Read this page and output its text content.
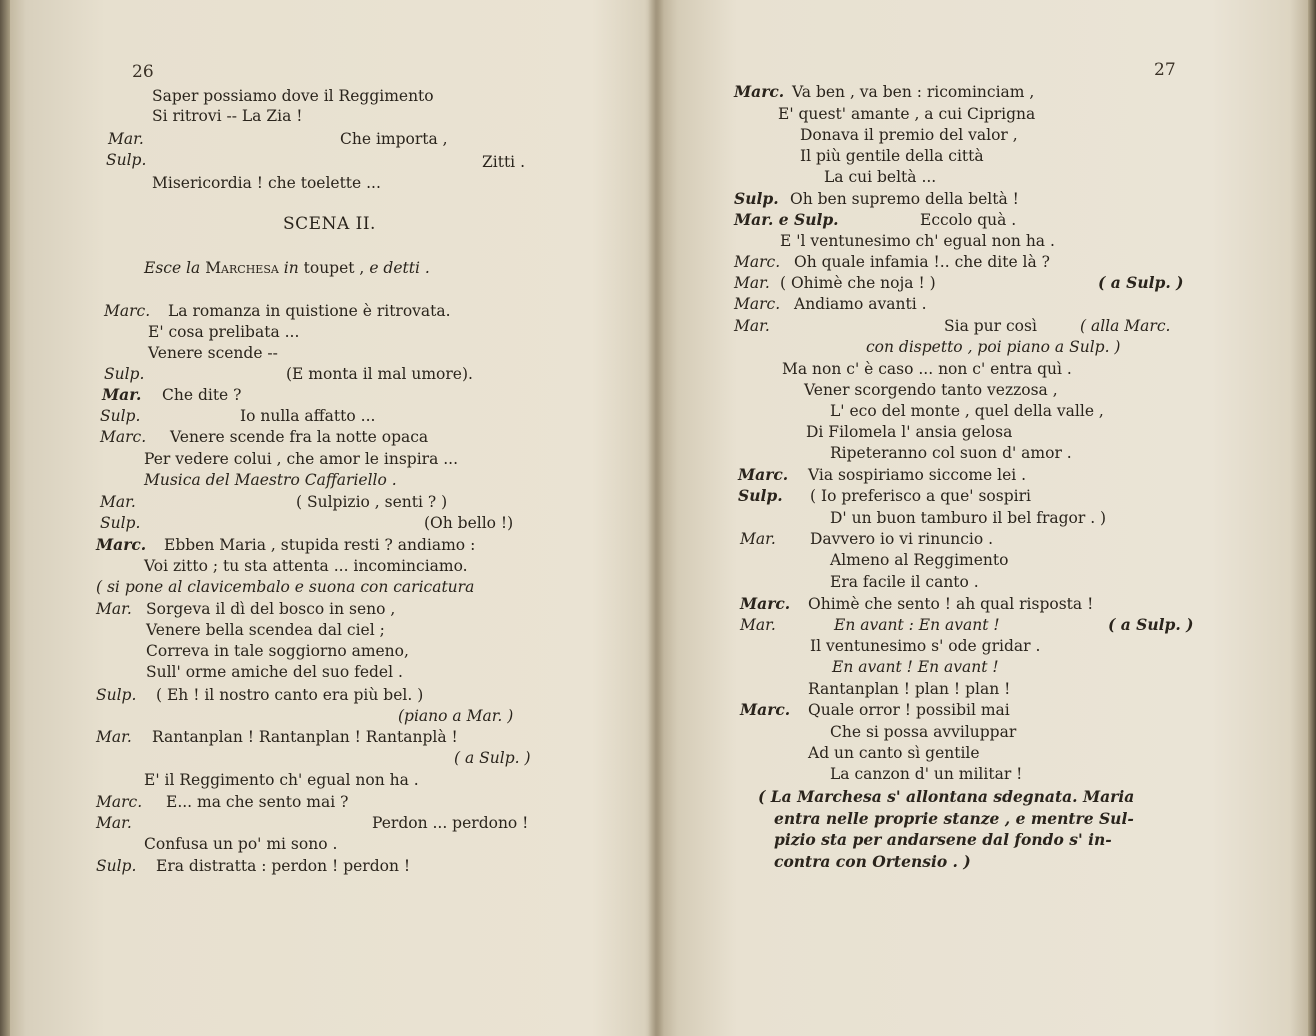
26
Saper possiamo dove il Reggimento
Si ritrovi -- La Zia !
Mar.	Che importa ,
Sulp.	Zitti .
Misericordia ! che toelette ...
SCENA II.
Esce la Marchesa in toupet , e detti .
Marc. La romanza in quistione è ritrovata.
E' cosa prelibata ...
Venere scende --
Sulp.	(E monta il mal umore).
Mar. Che dite ?
Sulp.	Io nulla affatto ...
Marc. Venere scende fra la notte opaca
Per vedere colui , che amor le inspira ...
Musica del Maestro Caffariello .
Mar.	( Sulpizio , senti ? )
Sulp.	(Oh bello !)
Marc. Ebben Maria , stupida resti ? andiamo :
Voi zitto ; tu sta attenta ... incominciamo.
( si pone al clavicembalo e suona con caricatura
Mar. Sorgeva il dì del bosco in seno ,
Venere bella scendea dal ciel ;
Correva in tale soggiorno ameno,
Sull' orme amiche del suo fedel .
Sulp. ( Eh ! il nostro canto era più bel. )
(piano a Mar. )
Mar. Rantanplan ! Rantanplan ! Rantanplà !
( a Sulp. )
E' il Reggimento ch' egual non ha .
Marc. E... ma che sento mai ?
Mar.	Perdon ... perdono !
Confusa un po' mi sono .
Sulp. Era distratta : perdon ! perdon !
27
Marc. Va ben , va ben : ricominciam ,
E' quest' amante , a cui Ciprigna
Donava il premio del valor ,
Il più gentile della città
La cui beltà ...
Sulp. Oh ben supremo della beltà !
Mar. e Sulp.	Eccolo quà .
E 'l ventunesimo ch' egual non ha .
Marc. Oh quale infamia !.. che dite là ?
Mar. ( Ohimè che noja ! )	( a Sulp. )
Marc. Andiamo avanti .
Mar.	Sia pur così	( alla Marc.
con dispetto , poi piano a Sulp. )
Ma non c' è caso ... non c' entra quì .
Vener scorgendo tanto vezzosa ,
L' eco del monte , quel della valle ,
Di Filomela l' ansia gelosa
Ripeteranno col suon d' amor .
Marc. Via sospiriamo siccome lei .
Sulp. ( Io preferisco a que' sospiri
D' un buon tamburo il bel fragor . )
Mar. Davvero io vi rinuncio .
Almeno al Reggimento
Era facile il canto .
Marc. Ohimè che sento ! ah qual risposta !
Mar.	En avant : En avant !	( a Sulp. )
Il ventunesimo s' ode gridar .
En avant ! En avant !
Rantanplan ! plan ! plan !
Marc. Quale orror ! possibil mai
Che si possa avviluppar
Ad un canto sì gentile
La canzon d' un militar !
( La Marchesa s' allontana sdegnata. Maria
entra nelle proprie stanze , e mentre Sul-
pizio sta per andarsene dal fondo s' in-
contra con Ortensio . )
